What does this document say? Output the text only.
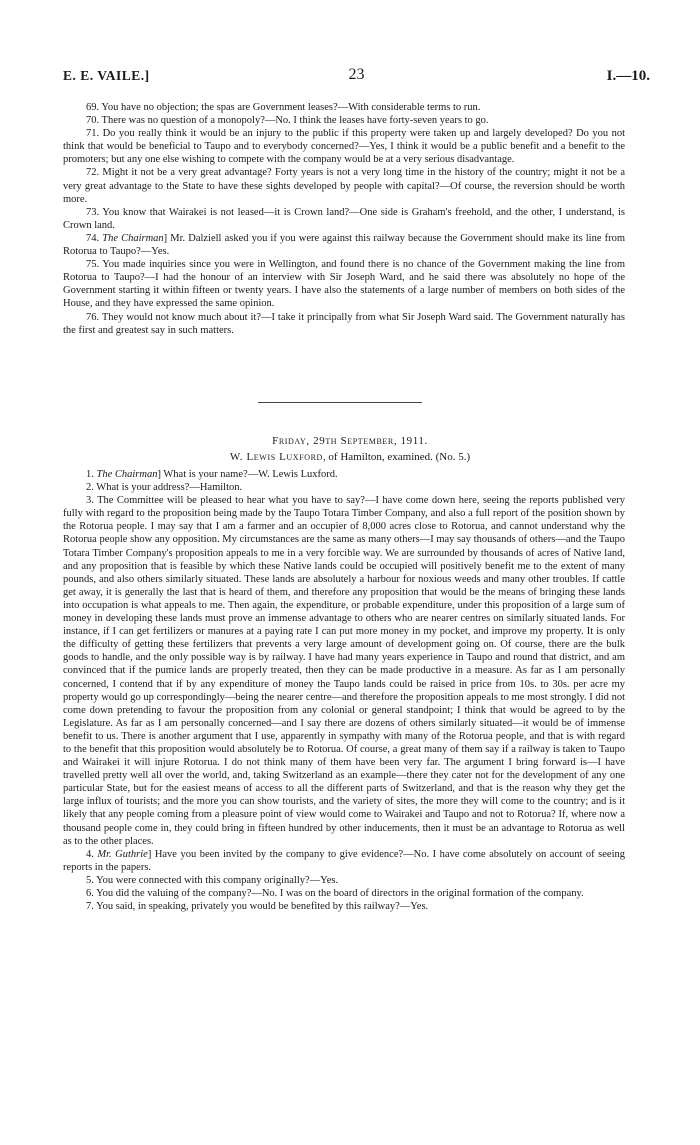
E. E. VAILE.]	23	I.—10.

69. You have no objection; the spas are Government leases?—With considerable terms to run.

70. There was no question of a monopoly?—No. I think the leases have forty-seven years to go.

71. Do you really think it would be an injury to the public if this property were taken up and largely developed? Do you not think that would be beneficial to Taupo and to everybody concerned?—Yes, I think it would be a public benefit and a benefit to the promoters; but any one else wishing to compete with the company would be at a very serious disadvantage.

72. Might it not be a very great advantage? Forty years is not a very long time in the history of the country; might it not be a very great advantage to the State to have these sights developed by people with capital?—Of course, the reversion should be worth more.

73. You know that Wairakei is not leased—it is Crown land?—One side is Graham's freehold, and the other, I understand, is Crown land.

74. The Chairman] Mr. Dalziell asked you if you were against this railway because the Government should make its line from Rotorua to Taupo?—Yes.

75. You made inquiries since you were in Wellington, and found there is no chance of the Government making the line from Rotorua to Taupo?—I had the honour of an interview with Sir Joseph Ward, and he said there was absolutely no hope of the Government starting it within fifteen or twenty years. I have also the statements of a large number of members on both sides of the House, and they have expressed the same opinion.

76. They would not know much about it?—I take it principally from what Sir Joseph Ward said. The Government naturally has the first and greatest say in such matters.

Friday, 29th September, 1911.
W. Lewis Luxford, of Hamilton, examined. (No. 5.)

1. The Chairman] What is your name?—W. Lewis Luxford.

2. What is your address?—Hamilton.

3. The Committee will be pleased to hear what you have to say?—I have come down here, seeing the reports published very fully with regard to the proposition being made by the Taupo Totara Timber Company, and also a full report of the position shown by the Rotorua people. I may say that I am a farmer and an occupier of 8,000 acres close to Rotorua, and cannot understand why the Rotorua people show any opposition. My circumstances are the same as many others—I may say thousands of others—and the Taupo Totara Timber Company's proposition appeals to me in a very forcible way. We are surrounded by thousands of acres of Native land, and any proposition that is feasible by which these Native lands could be occupied will positively benefit me to the extent of many pounds, and also others similarly situated. These lands are absolutely a harbour for noxious weeds and many other troubles. If cattle get away, it is generally the last that is heard of them, and therefore any proposition that would be the means of bringing these lands into occupation is what appeals to me. Then again, the expenditure, or probable expenditure, under this proposition of a large sum of money in developing these lands must prove an immense advantage to others who are nearer centres on similarly situated lands. For instance, if I can get fertilizers or manures at a paying rate I can put more money in my pocket, and improve my property. It is only the difficulty of getting these fertilizers that prevents a very large amount of development going on. Of course, there are the bulk goods to handle, and the only possible way is by railway. I have had many years experience in Taupo and round that district, and am convinced that if the pumice lands are properly treated, then they can be made productive in a measure. As far as I am personally concerned, I contend that if by any expenditure of money the Taupo lands could be raised in price from 10s. to 30s. per acre my property would go up correspondingly—being the nearer centre—and therefore the proposition appeals to me most strongly. I did not come down pretending to favour the proposition from any colonial or general standpoint; I think that would be agreed to by the Legislature. As far as I am personally concerned—and I say there are dozens of others similarly situated—it would be of immense benefit to us. There is another argument that I use, apparently in sympathy with many of the Rotorua people, and that is with regard to the benefit that this proposition would absolutely be to Rotorua. Of course, a great many of them say if a railway is taken to Taupo and Wairakei it will injure Rotorua. I do not think many of them have been very far. The argument I bring forward is—I have travelled pretty well all over the world, and, taking Switzerland as an example—there they cater not for the development of any one particular State, but for the easiest means of access to all the different parts of Switzerland, and that is the reason why they get the large influx of tourists; and the more you can show tourists, and the variety of sites, the more they will come to the country; and is it likely that any people coming from a pleasure point of view would come to Wairakei and Taupo and not to Rotorua? If, where now a thousand people come in, they could bring in fifteen hundred by other inducements, then it must be an advantage to Rotorua as well as to the other places.

4. Mr. Guthrie] Have you been invited by the company to give evidence?—No. I have come absolutely on account of seeing reports in the papers.

5. You were connected with this company originally?—Yes.

6. You did the valuing of the company?—No. I was on the board of directors in the original formation of the company.

7. You said, in speaking, privately you would be benefited by this railway?—Yes.
